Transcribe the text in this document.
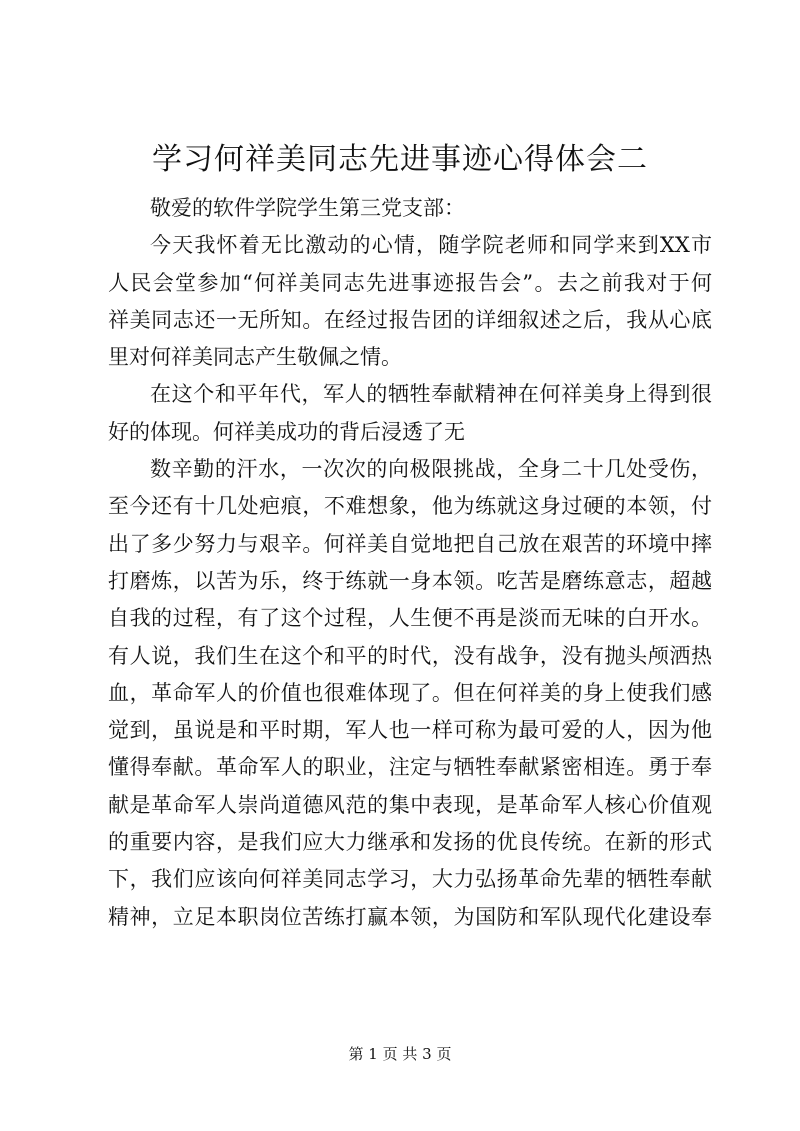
学习何祥美同志先进事迹心得体会二
敬爱的软件学院学生第三党支部：
今天我怀着无比激动的心情，随学院老师和同学来到XX市
人民会堂参加“何祥美同志先进事迹报告会”。去之前我对于何
祥美同志还一无所知。在经过报告团的详细叙述之后，我从心底
里对何祥美同志产生敬佩之情。
在这个和平年代，军人的牺牲奉献精神在何祥美身上得到很
好的体现。何祥美成功的背后浸透了无
数辛勤的汗水，一次次的向极限挑战，全身二十几处受伤，
至今还有十几处疤痕，不难想象，他为练就这身过硬的本领，付
出了多少努力与艰辛。何祥美自觉地把自己放在艰苦的环境中摔
打磨炼，以苦为乐，终于练就一身本领。吃苦是磨练意志，超越
自我的过程，有了这个过程，人生便不再是淡而无味的白开水。
有人说，我们生在这个和平的时代，没有战争，没有抛头颅洒热
血，革命军人的价值也很难体现了。但在何祥美的身上使我们感
觉到，虽说是和平时期，军人也一样可称为最可爱的人，因为他
懂得奉献。革命军人的职业，注定与牺牲奉献紧密相连。勇于奉
献是革命军人崇尚道德风范的集中表现，是革命军人核心价值观
的重要内容，是我们应大力继承和发扬的优良传统。在新的形式
下，我们应该向何祥美同志学习，大力弘扬革命先辈的牺牲奉献
精神，立足本职岗位苦练打赢本领，为国防和军队现代化建设奉
第 1 页 共 3 页
